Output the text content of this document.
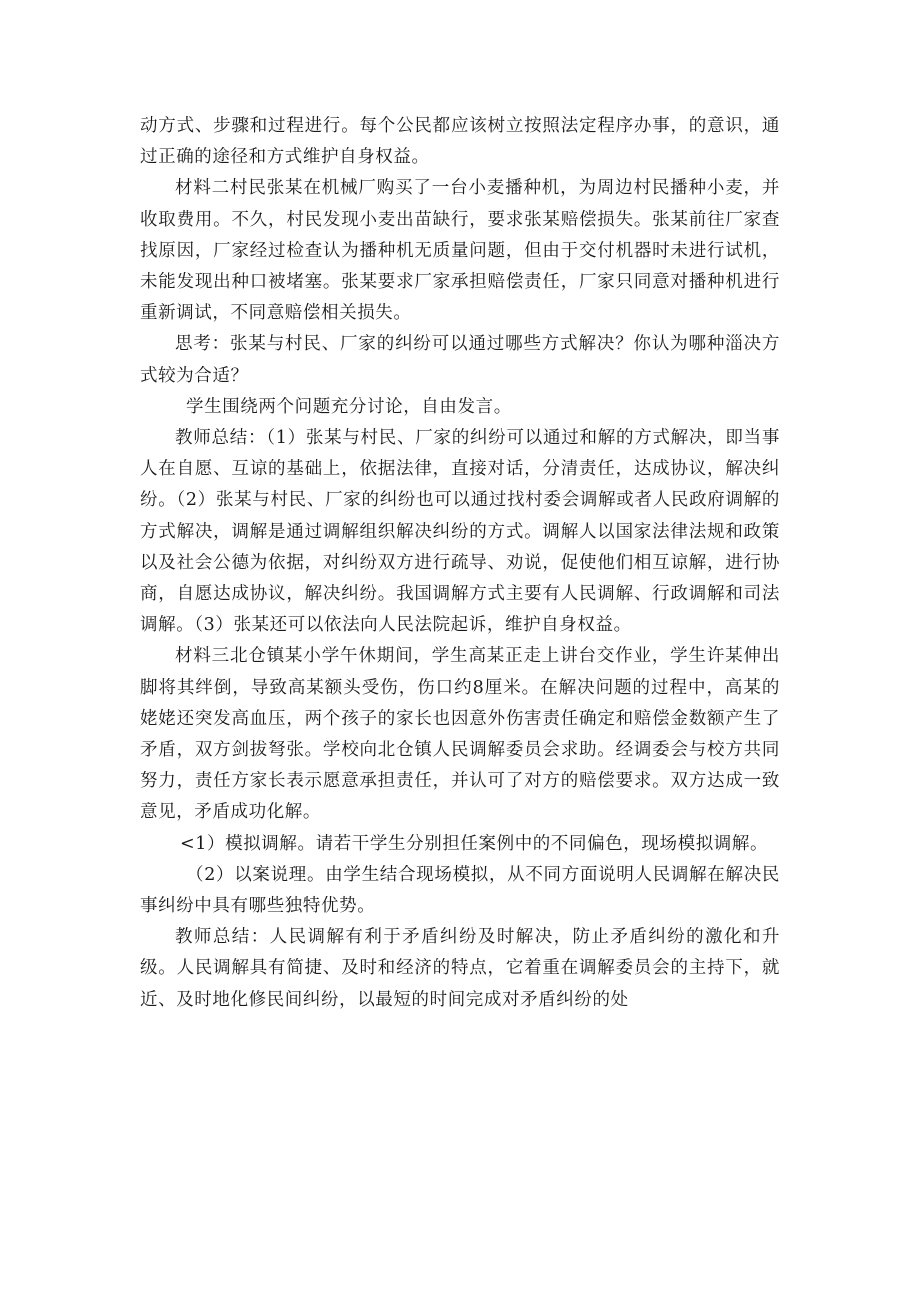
动方式、步骤和过程进行。每个公民都应该树立按照法定程序办事，的意识，通过正确的途径和方式维护自身权益。

材料二村民张某在机械厂购买了一台小麦播种机，为周边村民播种小麦，并收取费用。不久，村民发现小麦出苗缺行，要求张某赔偿损失。张某前往厂家查找原因，厂家经过检查认为播种机无质量问题，但由于交付机器时未进行试机，未能发现出种口被堵塞。张某要求厂家承担赔偿责任，厂家只同意对播种机进行重新调试，不同意赔偿相关损失。

思考：张某与村民、厂家的纠纷可以通过哪些方式解决？你认为哪种淄决方式较为合适？

学生围绕两个问题充分讨论，自由发言。

教师总结：（1）张某与村民、厂家的纠纷可以通过和解的方式解决，即当事人在自愿、互谅的基础上，依据法律，直接对话，分清责任，达成协议，解决纠纷。（2）张某与村民、厂家的纠纷也可以通过找村委会调解或者人民政府调解的方式解决，调解是通过调解组织解决纠纷的方式。调解人以国家法律法规和政策以及社会公德为依据，对纠纷双方进行疏导、劝说，促使他们相互谅解，进行协商，自愿达成协议，解决纠纷。我国调解方式主要有人民调解、行政调解和司法调解。（3）张某还可以依法向人民法院起诉，维护自身权益。

材料三北仓镇某小学午休期间，学生高某正走上讲台交作业，学生许某伸出脚将其绊倒，导致高某额头受伤，伤口约8厘米。在解决问题的过程中，高某的姥姥还突发高血压，两个孩子的家长也因意外伤害责任确定和赔偿金数额产生了矛盾，双方剑拔弩张。学校向北仓镇人民调解委员会求助。经调委会与校方共同努力，责任方家长表示愿意承担责任，并认可了对方的赔偿要求。双方达成一致意见，矛盾成功化解。

<1）模拟调解。请若干学生分别担任案例中的不同偏色，现场模拟调解。

（2）以案说理。由学生结合现场模拟，从不同方面说明人民调解在解决民事纠纷中具有哪些独特优势。

教师总结：人民调解有利于矛盾纠纷及时解决，防止矛盾纠纷的激化和升级。人民调解具有简捷、及时和经济的特点，它着重在调解委员会的主持下，就近、及时地化修民间纠纷，以最短的时间完成对矛盾纠纷的处
